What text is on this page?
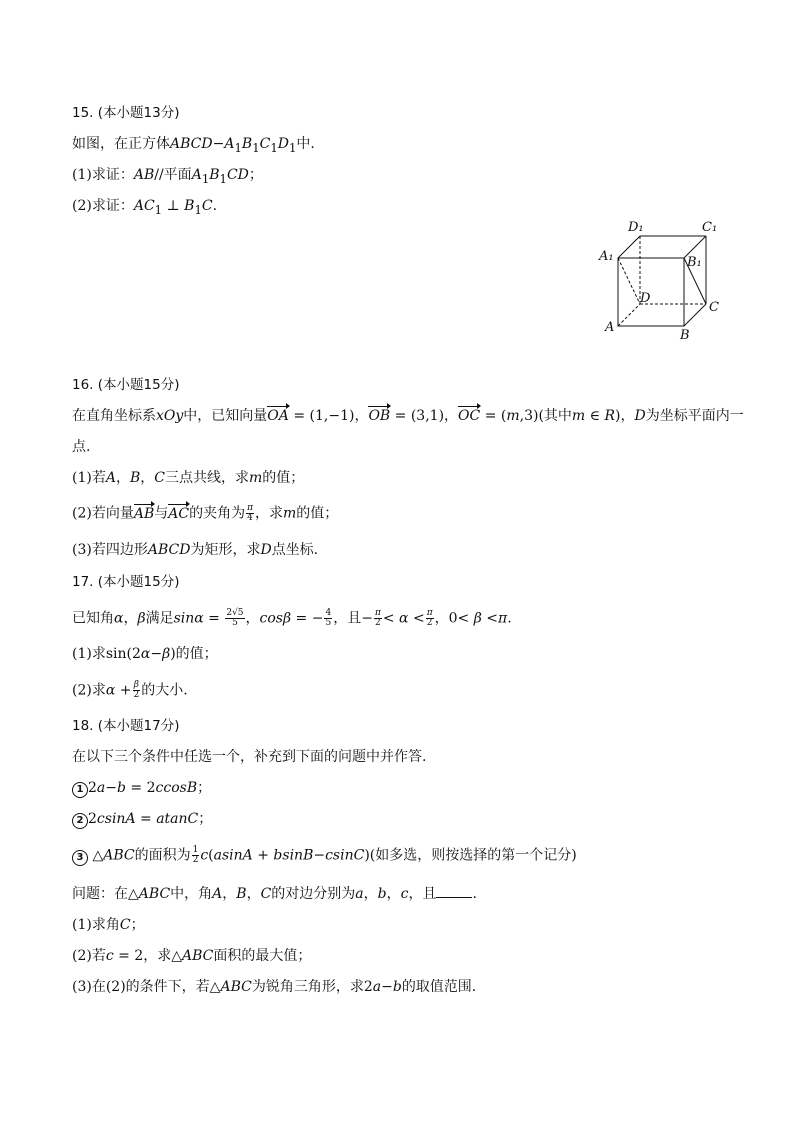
15. (本小题13分)
如图，在正方体$ABCD-A_1B_1C_1D_1$中.
(1)求证：AB//平面$A_1B_1CD$；
(2)求证：$AC_1$ ⊥ $B_1C$.
D₁	C₁
A₁	B₁
D
C
A
B
16. (本小题15分)
在直角坐标系xOy中，已知向量OA = (1,−1)，OB = (3,1)，OC = (m,3)(其中m ∈ R)，D为坐标平面内一
点.
(1)若A，B，C三点共线，求m的值；
(2)若向量AB与AC的夹角为 $\frac{\pi}{4}$ ，求m的值；
(3)若四边形ABCD为矩形，求D点坐标.
17. (本小题15分)
已知角α，β满足$\sin\alpha = \frac{2√5}{5}$ ，cosβ = − $\frac{4}{5}$ ，且− $\frac{\pi}{2} < \alpha < \frac{\pi}{2}$ ，0< β <π.
(1)求sin(2α−β)的值；
(2)求$\alpha + \frac{\beta}{2}$ 的大小.
18. (本小题17分)
在以下三个条件中任选一个，补充到下面的问题中并作答.
1 2a−b = 2ccosB；
2 2csinA = atanC；
3 △ABC的面积为 $\frac{1}{2} c(asinA + bsinB-csinC)$(如多选，则按选择的第一个记分)
问题：在△ABC中，角A，B，C的对边分别为a，b，c，且	.
(1)求角C；
(2)若c = 2，求△ABC面积的最大值；
(3)在(2)的条件下，若△ABC为锐角三角形，求2a−b的取值范围.
